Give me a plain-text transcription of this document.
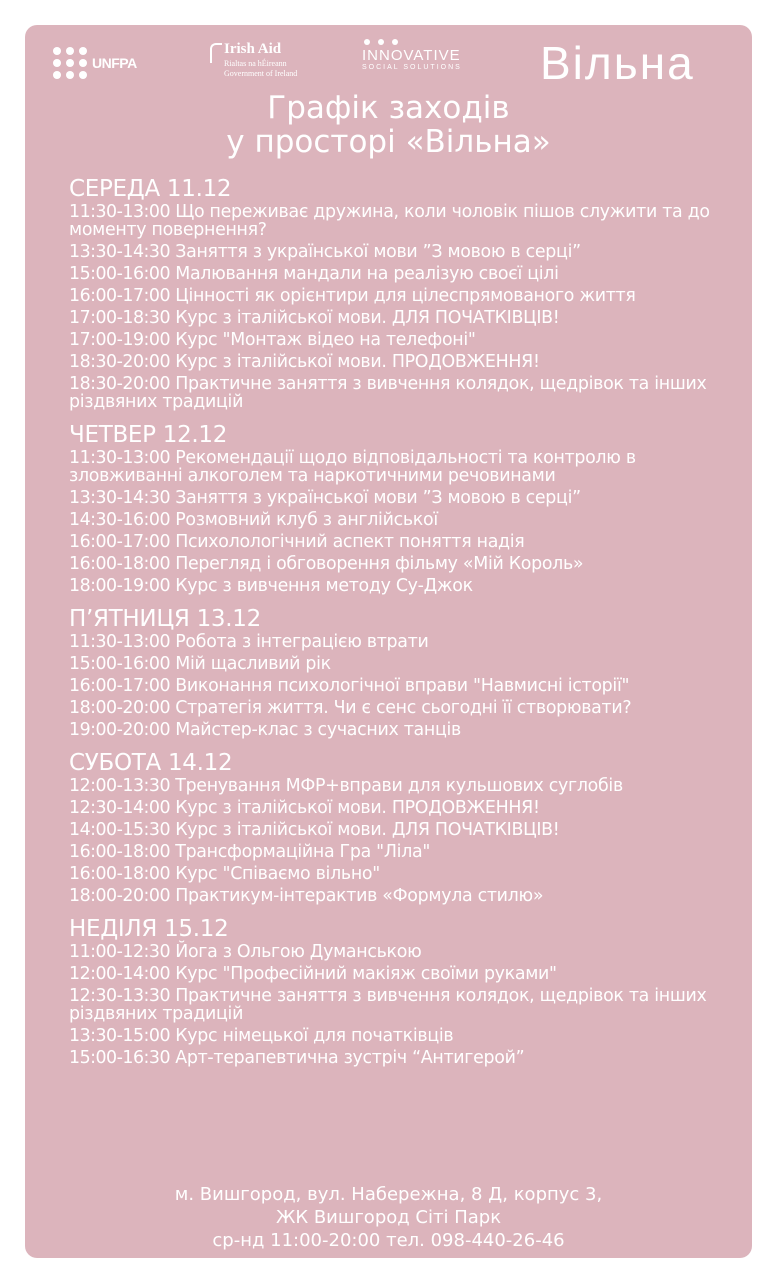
UNFPA
Irish Aid
Rialtas na hÉireann
Government of Ireland
INNOVATIVE
SOCIAL SOLUTIONS Вільна
Графік заходів
у просторі «Вільна»
СЕРЕДА 11.12
11:30-13:00 Що переживає дружина, коли чоловік пішов служити та до моменту повернення?
13:30-14:30 Заняття з української мови ”З мовою в серці”
15:00-16:00 Малювання мандали на реалізую своєї цілі
16:00-17:00 Цінності як орієнтири для цілеспрямованого життя
17:00-18:30 Курс з італійської мови. ДЛЯ ПОЧАТКІВЦІВ!
17:00-19:00 Курс "Монтаж відео на телефоні"
18:30-20:00 Курс з італійської мови. ПРОДОВЖЕННЯ!
18:30-20:00 Практичне заняття з вивчення колядок, щедрівок та інших різдвяних традицій
ЧЕТВЕР 12.12
11:30-13:00 Рекомендації щодо відповідальності та контролю в зловживанні алкоголем та наркотичними речовинами
13:30-14:30 Заняття з української мови ”З мовою в серці”
14:30-16:00 Розмовний клуб з англійської
16:00-17:00 Психолологічний аспект поняття надія
16:00-18:00 Перегляд і обговорення фільму «Мій Король»
18:00-19:00 Курс з вивчення методу Су-Джок
П’ЯТНИЦЯ 13.12
11:30-13:00 Робота з інтеграцією втрати
15:00-16:00 Мій щасливий рік
16:00-17:00 Виконання психологічної вправи "Навмисні історії"
18:00-20:00 Стратегія життя. Чи є сенс сьогодні її створювати?
19:00-20:00 Майстер-клас з сучасних танців
СУБОТА 14.12
12:00-13:30 Тренування МФР+вправи для кульшових суглобів
12:30-14:00 Курс з італійської мови. ПРОДОВЖЕННЯ!
14:00-15:30 Курс з італійської мови. ДЛЯ ПОЧАТКІВЦІВ!
16:00-18:00 Трансформаційна Гра "Ліла"
16:00-18:00 Курс "Співаємо вільно"
18:00-20:00 Практикум-інтерактив «Формула стилю»
НЕДІЛЯ 15.12
11:00-12:30 Йога з Ольгою Думанською
12:00-14:00 Курс "Професійний макіяж своїми руками"
12:30-13:30 Практичне заняття з вивчення колядок, щедрівок та інших різдвяних традицій
13:30-15:00 Курс німецької для початківців
15:00-16:30 Арт-терапевтична зустріч “Антигерой”
м. Вишгород, вул. Набережна, 8 Д, корпус 3,
ЖК Вишгород Сіті Парк
ср-нд 11:00-20:00 тел. 098-440-26-46
